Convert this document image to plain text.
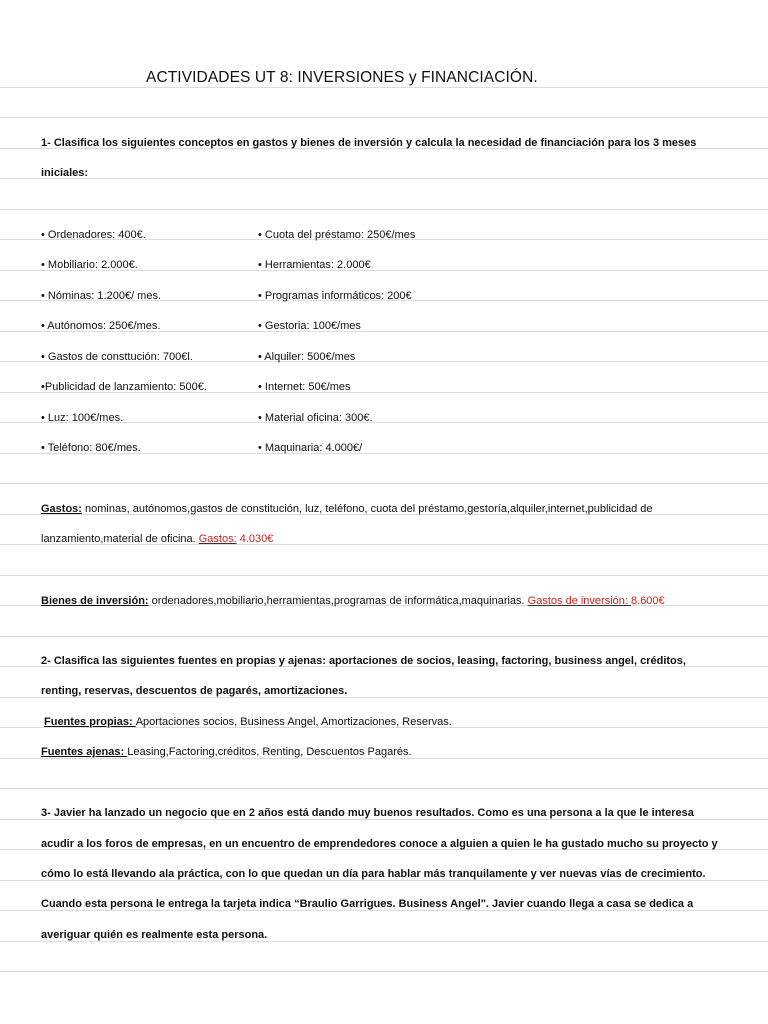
ACTIVIDADES UT 8: INVERSIONES y FINANCIACIÓN.
1- Clasifica los siguientes conceptos en gastos y bienes de inversión y calcula la necesidad de financiación para los 3 meses
iniciales:
• Ordenadores: 400€.
• Mobiliario: 2.000€.
• Nóminas: 1.200€/ mes.
• Autónomos: 250€/mes.
• Gastos de consttución: 700€l.
•Publicidad de lanzamiento: 500€.
• Luz: 100€/mes.
• Teléfono: 80€/mes.
• Cuota del préstamo: 250€/mes
• Herramientas: 2.000€
• Programas informáticos: 200€
• Gestoria: 100€/mes
• Alquiler: 500€/mes
• Internet: 50€/mes
• Material oficina: 300€.
• Maquinaria: 4.000€/
Gastos: nominas, autónomos,gastos de constitución, luz, teléfono, cuota del préstamo,gestoría,alquiler,internet,publicidad de
lanzamiento,material de oficina. Gastos: 4.030€
Bienes de inversión: ordenadores,mobiliario,herramientas,programas de informática,maquinarias. Gastos de inversión: 8.600€
2- Clasifica las siguientes fuentes en propias y ajenas: aportaciones de socios, leasing, factoring, business angel, créditos,
renting, reservas, descuentos de pagarés, amortizaciones.
Fuentes propias: Aportaciones socios, Business Angel, Amortizaciones, Reservas.
Fuentes ajenas: Leasing,Factoring,créditos, Renting, Descuentos Pagarés.
3- Javier ha lanzado un negocio que en 2 años está dando muy buenos resultados. Como es una persona a la que le interesa
acudir a los foros de empresas, en un encuentro de emprendedores conoce a alguien a quien le ha gustado mucho su proyecto y
cómo lo está llevando ala práctica, con lo que quedan un día para hablar más tranquilamente y ver nuevas vías de crecimiento.
Cuando esta persona le entrega la tarjeta indica “Braulio Garrigues. Business Angel". Javier cuando llega a casa se dedica a
averiguar quién es realmente esta persona.
